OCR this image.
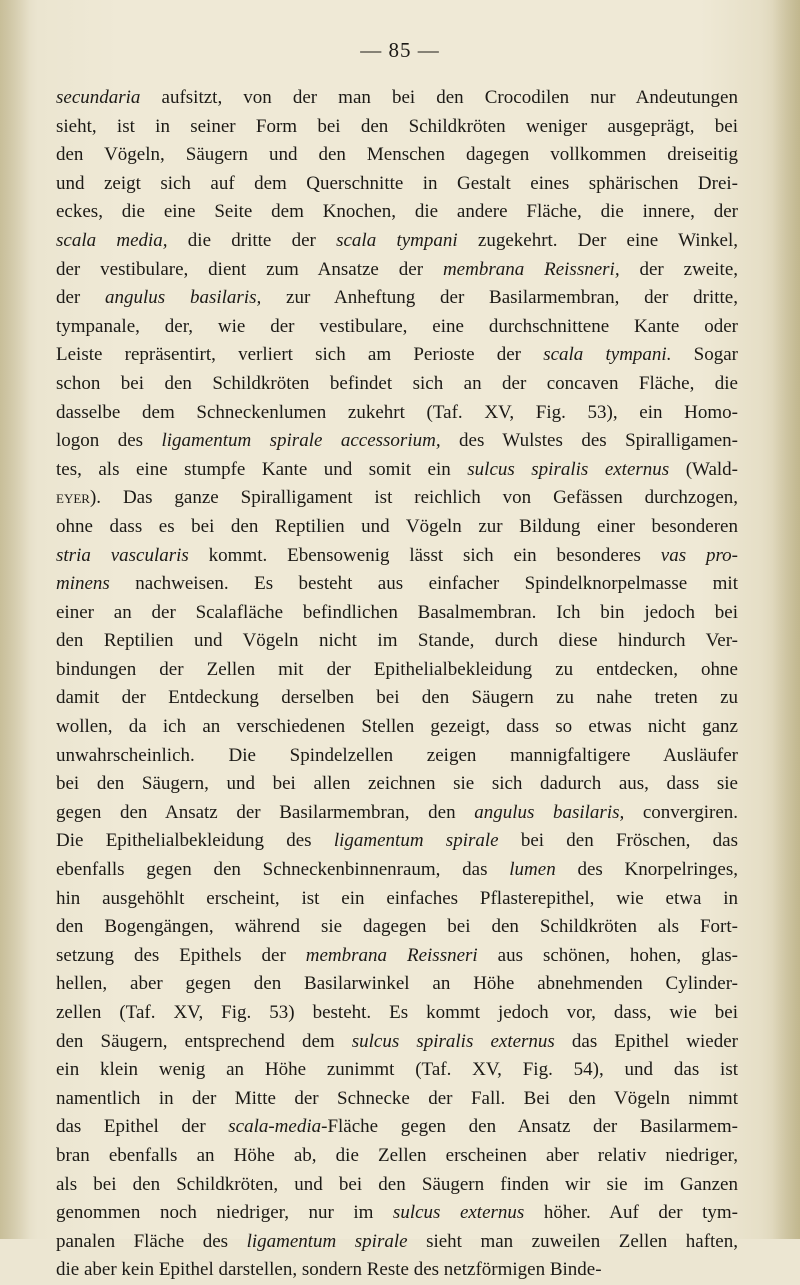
— 85 —
secundaria aufsitzt, von der man bei den Crocodilen nur Andeutungen
sieht, ist in seiner Form bei den Schildkröten weniger ausgeprägt, bei
den Vögeln, Säugern und den Menschen dagegen vollkommen dreiseitig
und zeigt sich auf dem Querschnitte in Gestalt eines sphärischen Drei-
eckes, die eine Seite dem Knochen, die andere Fläche, die innere, der
scala media, die dritte der scala tympani zugekehrt. Der eine Winkel,
der vestibulare, dient zum Ansatze der membrana Reissneri, der zweite,
der angulus basilaris, zur Anheftung der Basilarmembran, der dritte,
tympanale, der, wie der vestibulare, eine durchschnittene Kante oder
Leiste repräsentirt, verliert sich am Perioste der scala tympani. Sogar
schon bei den Schildkröten befindet sich an der concaven Fläche, die
dasselbe dem Schneckenlumen zukehrt (Taf. XV, Fig. 53), ein Homo-
logon des ligamentum spirale accessorium, des Wulstes des Spiralligamen-
tes, als eine stumpfe Kante und somit ein sulcus spiralis externus (Wald-
eyer). Das ganze Spiralligament ist reichlich von Gefässen durchzogen,
ohne dass es bei den Reptilien und Vögeln zur Bildung einer besonderen
stria vascularis kommt. Ebensowenig lässt sich ein besonderes vas pro-
minens nachweisen. Es besteht aus einfacher Spindelknorpelmasse mit
einer an der Scalafläche befindlichen Basalmembran. Ich bin jedoch bei
den Reptilien und Vögeln nicht im Stande, durch diese hindurch Ver-
bindungen der Zellen mit der Epithelialbekleidung zu entdecken, ohne
damit der Entdeckung derselben bei den Säugern zu nahe treten zu
wollen, da ich an verschiedenen Stellen gezeigt, dass so etwas nicht ganz
unwahrscheinlich. Die Spindelzellen zeigen mannigfaltigere Ausläufer
bei den Säugern, und bei allen zeichnen sie sich dadurch aus, dass sie
gegen den Ansatz der Basilarmembran, den angulus basilaris, convergiren.
Die Epithelialbekleidung des ligamentum spirale bei den Fröschen, das
ebenfalls gegen den Schneckenbinnenraum, das lumen des Knorpelringes,
hin ausgehöhlt erscheint, ist ein einfaches Pflasterepithel, wie etwa in
den Bogengängen, während sie dagegen bei den Schildkröten als Fort-
setzung des Epithels der membrana Reissneri aus schönen, hohen, glas-
hellen, aber gegen den Basilarwinkel an Höhe abnehmenden Cylinder-
zellen (Taf. XV, Fig. 53) besteht. Es kommt jedoch vor, dass, wie bei
den Säugern, entsprechend dem sulcus spiralis externus das Epithel wieder
ein klein wenig an Höhe zunimmt (Taf. XV, Fig. 54), und das ist
namentlich in der Mitte der Schnecke der Fall. Bei den Vögeln nimmt
das Epithel der scala-media-Fläche gegen den Ansatz der Basilarmem-
bran ebenfalls an Höhe ab, die Zellen erscheinen aber relativ niedriger,
als bei den Schildkröten, und bei den Säugern finden wir sie im Ganzen
genommen noch niedriger, nur im sulcus externus höher. Auf der tym-
panalen Fläche des ligamentum spirale sieht man zuweilen Zellen haften,
die aber kein Epithel darstellen, sondern Reste des netzförmigen Binde-
